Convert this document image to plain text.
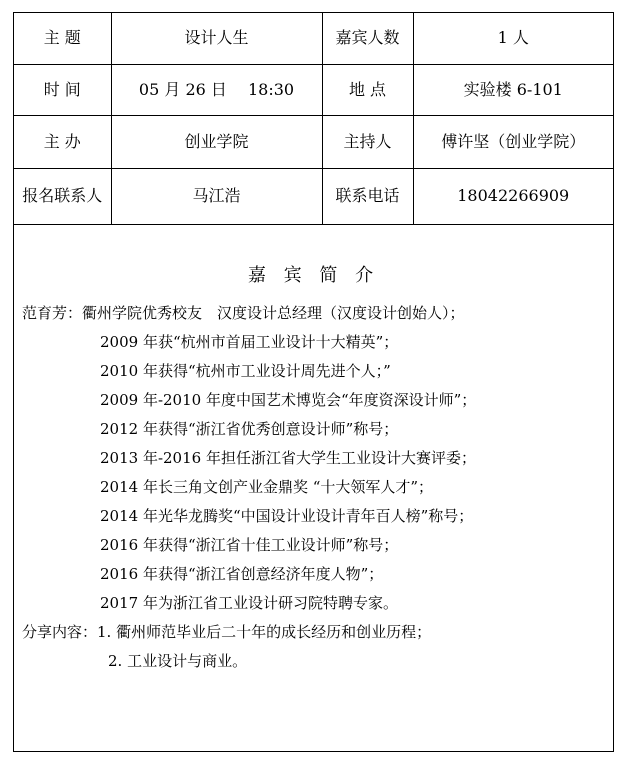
主 题	设计人生	嘉宾人数	1 人
时 间	05 月 26 日　 18:30	地 点	实验楼 6-101
主 办	创业学院	主持人	傅许坚（创业学院）
报名联系人	马江浩	联系电话	18042266909
嘉 宾 简 介
范育芳：衢州学院优秀校友　汉度设计总经理（汉度设计创始人）；
2009 年获“杭州市首届工业设计十大精英”；
2010 年获得“杭州市工业设计周先进个人；”
2009 年-2010 年度中国艺术博览会“年度资深设计师”；
2012 年获得“浙江省优秀创意设计师”称号；
2013 年-2016 年担任浙江省大学生工业设计大赛评委；
2014 年长三角文创产业金鼎奖 “十大领军人才”；
2014 年光华龙腾奖“中国设计业设计青年百人榜”称号；
2016 年获得“浙江省十佳工业设计师”称号；
2016 年获得“浙江省创意经济年度人物”；
2017 年为浙江省工业设计研习院特聘专家。
分享内容：1. 衢州师范毕业后二十年的成长经历和创业历程；
2. 工业设计与商业。
